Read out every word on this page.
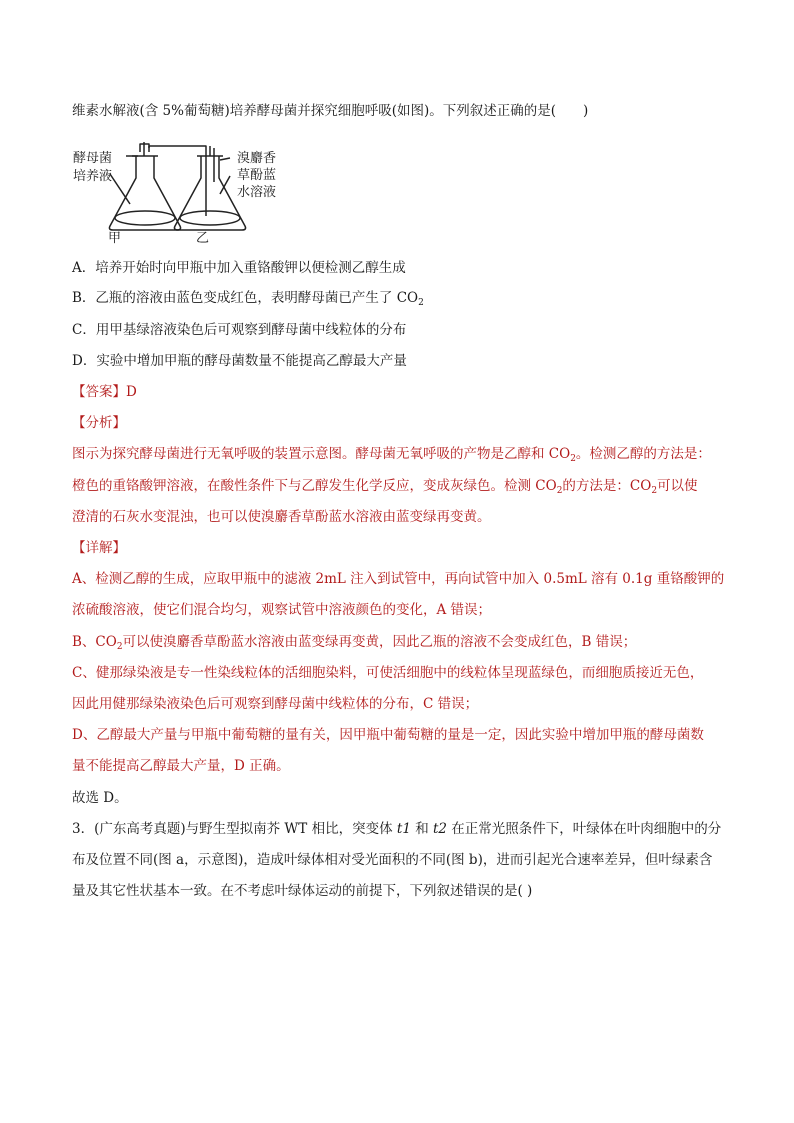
维素水解液(含 5%葡萄糖)培养酵母菌并探究细胞呼吸(如图)。下列叙述正确的是(　　)
酵母菌
培养液
溴麝香
草酚蓝
水溶液
甲	乙
A．培养开始时向甲瓶中加入重铬酸钾以便检测乙醇生成
B．乙瓶的溶液由蓝色变成红色，表明酵母菌已产生了 $CO_2$
C．用甲基绿溶液染色后可观察到酵母菌中线粒体的分布
D．实验中增加甲瓶的酵母菌数量不能提高乙醇最大产量
【答案】D
【分析】
图示为探究酵母菌进行无氧呼吸的装置示意图。酵母菌无氧呼吸的产物是乙醇和 $CO_2$。检测乙醇的方法是：
橙色的重铬酸钾溶液，在酸性条件下与乙醇发生化学反应，变成灰绿色。检测 $CO_2$的方法是：$CO_2$可以使
澄清的石灰水变混浊，也可以使溴麝香草酚蓝水溶液由蓝变绿再变黄。
【详解】
A、检测乙醇的生成，应取甲瓶中的滤液 2mL 注入到试管中，再向试管中加入 0.5mL 溶有 0.1g 重铬酸钾的
浓硫酸溶液，使它们混合均匀，观察试管中溶液颜色的变化，A 错误；
B、$CO_2$可以使溴麝香草酚蓝水溶液由蓝变绿再变黄，因此乙瓶的溶液不会变成红色，B 错误；
C、健那绿染液是专一性染线粒体的活细胞染料，可使活细胞中的线粒体呈现蓝绿色，而细胞质接近无色，
因此用健那绿染液染色后可观察到酵母菌中线粒体的分布，C 错误；
D、乙醇最大产量与甲瓶中葡萄糖的量有关，因甲瓶中葡萄糖的量是一定，因此实验中增加甲瓶的酵母菌数
量不能提高乙醇最大产量，D 正确。
故选 D。
3．(广东高考真题)与野生型拟南芥 WT 相比，突变体 t1 和 t2 在正常光照条件下，叶绿体在叶肉细胞中的分
布及位置不同(图 a，示意图)，造成叶绿体相对受光面积的不同(图 b)，进而引起光合速率差异，但叶绿素含
量及其它性状基本一致。在不考虑叶绿体运动的前提下，下列叙述错误的是( )
